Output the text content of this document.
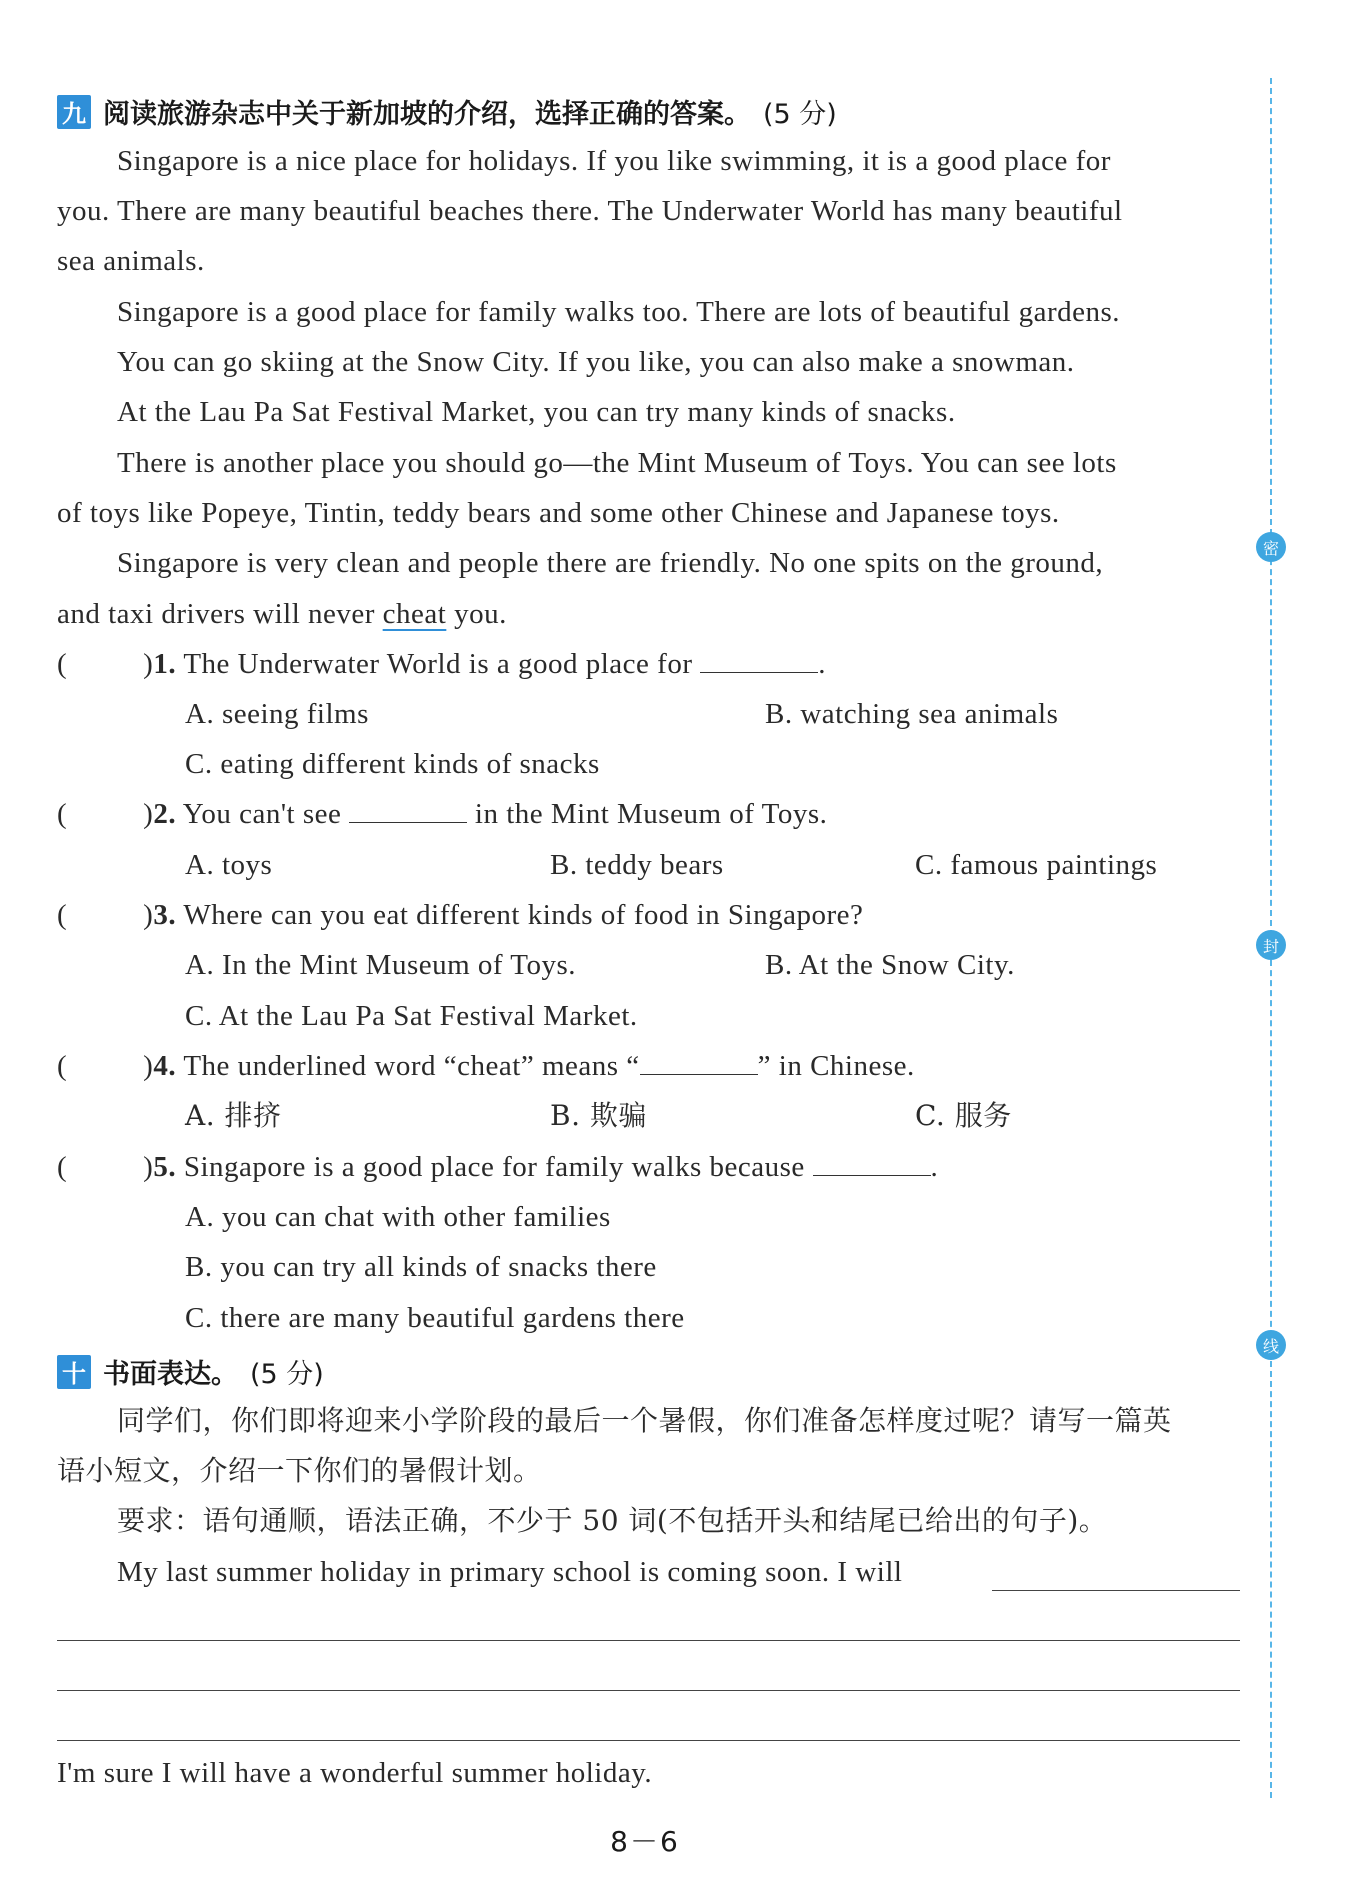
九 阅读旅游杂志中关于新加坡的介绍，选择正确的答案。 (5 分)
Singapore is a nice place for holidays. If you like swimming, it is a good place for
you. There are many beautiful beaches there. The Underwater World has many beautiful
sea animals.
Singapore is a good place for family walks too. There are lots of beautiful gardens.
You can go skiing at the Snow City. If you like, you can also make a snowman.
At the Lau Pa Sat Festival Market, you can try many kinds of snacks.
There is another place you should go—the Mint Museum of Toys. You can see lots
of toys like Popeye, Tintin, teddy bears and some other Chinese and Japanese toys.
Singapore is very clean and people there are friendly. No one spits on the ground,
and taxi drivers will never cheat you.
(	)1. The Underwater World is a good place for	.
A. seeing films	B. watching sea animals
C. eating different kinds of snacks
(	)2. You can't see	in the Mint Museum of Toys.
A. toys	B. teddy bears	C. famous paintings
(	)3. Where can you eat different kinds of food in Singapore?
A. In the Mint Museum of Toys.	B. At the Snow City.
C. At the Lau Pa Sat Festival Market.
(	)4. The underlined word “cheat” means “	” in Chinese.
A. 排挤	B. 欺骗	C. 服务
(	)5. Singapore is a good place for family walks because	.
A. you can chat with other families
B. you can try all kinds of snacks there
C. there are many beautiful gardens there
十 书面表达。 (5 分)
同学们，你们即将迎来小学阶段的最后一个暑假，你们准备怎样度过呢？请写一篇英
语小短文，介绍一下你们的暑假计划。
要求：语句通顺，语法正确，不少于 50 词(不包括开头和结尾已给出的句子)。
My last summer holiday in primary school is coming soon. I will
I'm sure I will have a wonderful summer holiday.
密
封
线
8－6
